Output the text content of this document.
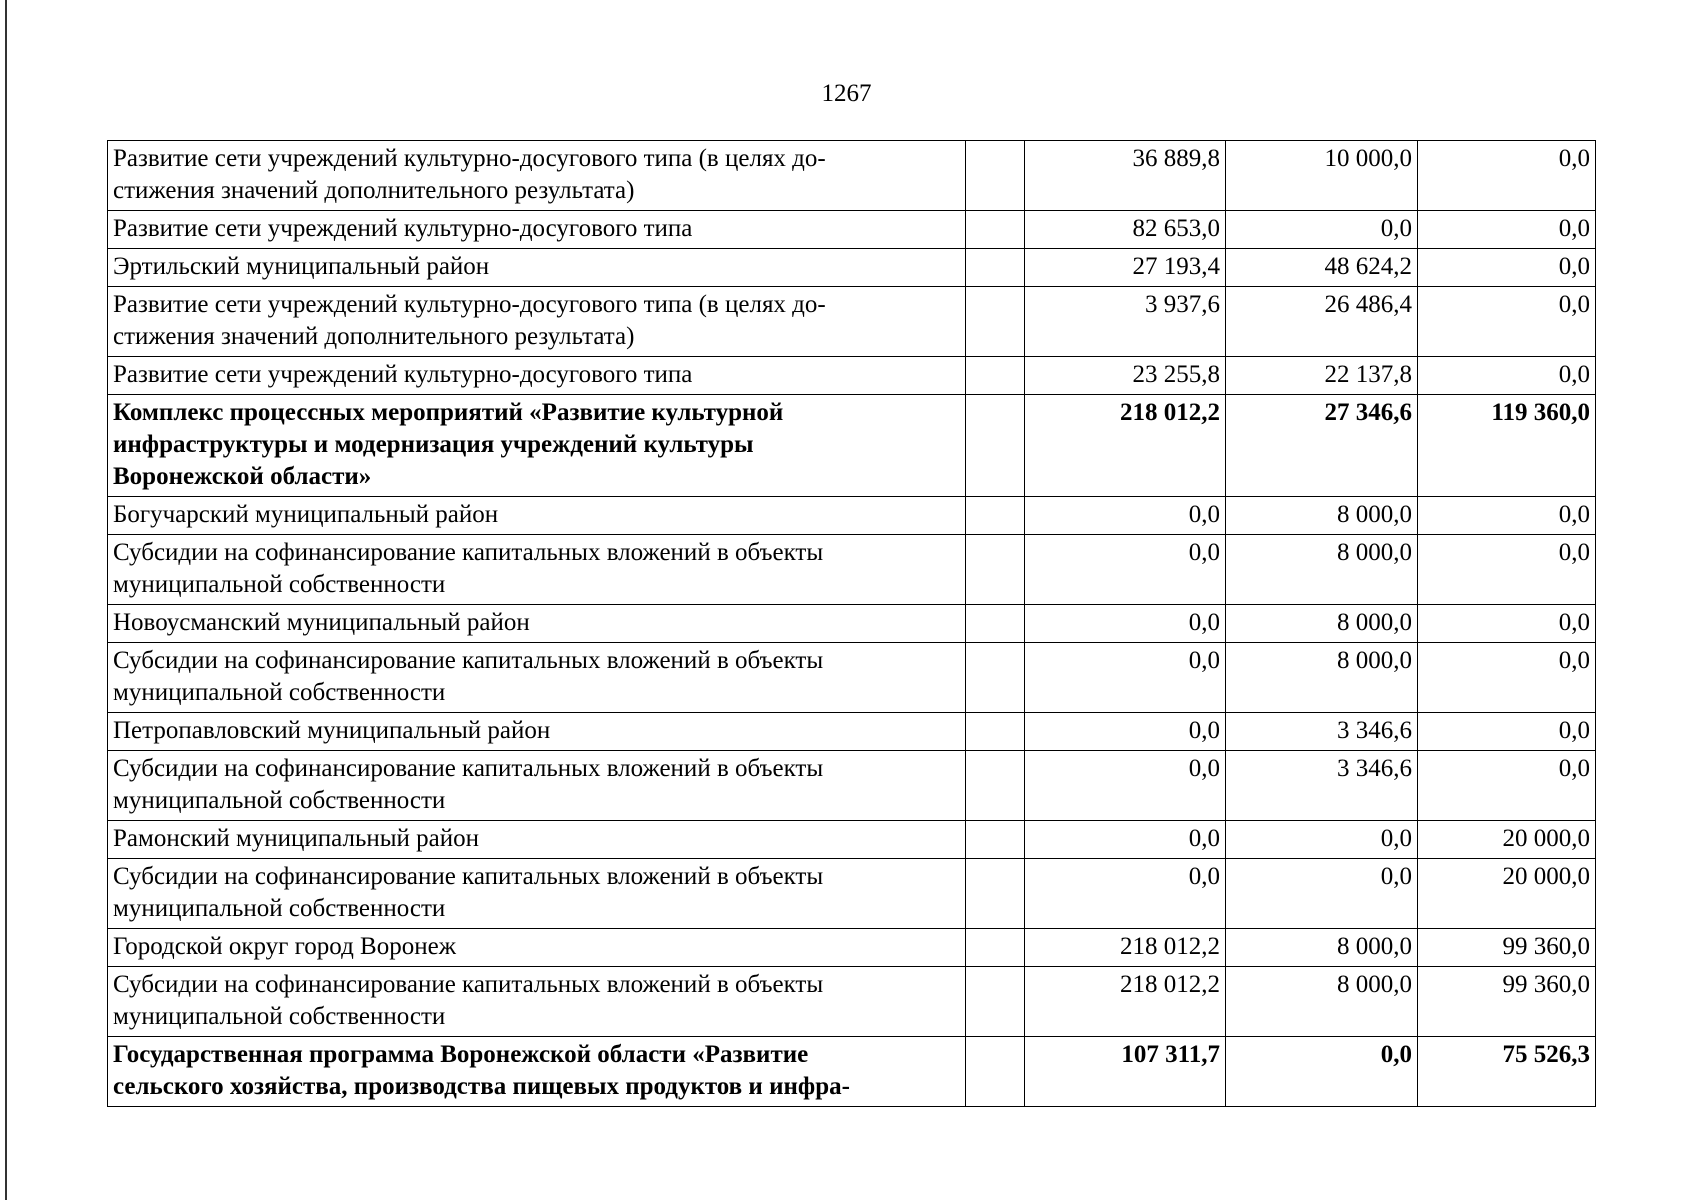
1267
Развитие сети учреждений культурно-досугового типа (в целях до-
стижения значений дополнительного результата)		36 889,8	10 000,0	0,0
Развитие сети учреждений культурно-досугового типа		82 653,0	0,0	0,0
Эртильский муниципальный район		27 193,4	48 624,2	0,0
Развитие сети учреждений культурно-досугового типа (в целях до-
стижения значений дополнительного результата)		3 937,6	26 486,4	0,0
Развитие сети учреждений культурно-досугового типа		23 255,8	22 137,8	0,0
Комплекс процессных мероприятий «Развитие культурной
инфраструктуры и модернизация учреждений культуры
Воронежской области»		218 012,2	27 346,6	119 360,0
Богучарский муниципальный район		0,0	8 000,0	0,0
Субсидии на софинансирование капитальных вложений в объекты
муниципальной собственности		0,0	8 000,0	0,0
Новоусманский муниципальный район		0,0	8 000,0	0,0
Субсидии на софинансирование капитальных вложений в объекты
муниципальной собственности		0,0	8 000,0	0,0
Петропавловский муниципальный район		0,0	3 346,6	0,0
Субсидии на софинансирование капитальных вложений в объекты
муниципальной собственности		0,0	3 346,6	0,0
Рамонский муниципальный район		0,0	0,0	20 000,0
Субсидии на софинансирование капитальных вложений в объекты
муниципальной собственности		0,0	0,0	20 000,0
Городской округ город Воронеж		218 012,2	8 000,0	99 360,0
Субсидии на софинансирование капитальных вложений в объекты
муниципальной собственности		218 012,2	8 000,0	99 360,0
Государственная программа Воронежской области «Развитие
сельского хозяйства, производства пищевых продуктов и инфра-		107 311,7	0,0	75 526,3
